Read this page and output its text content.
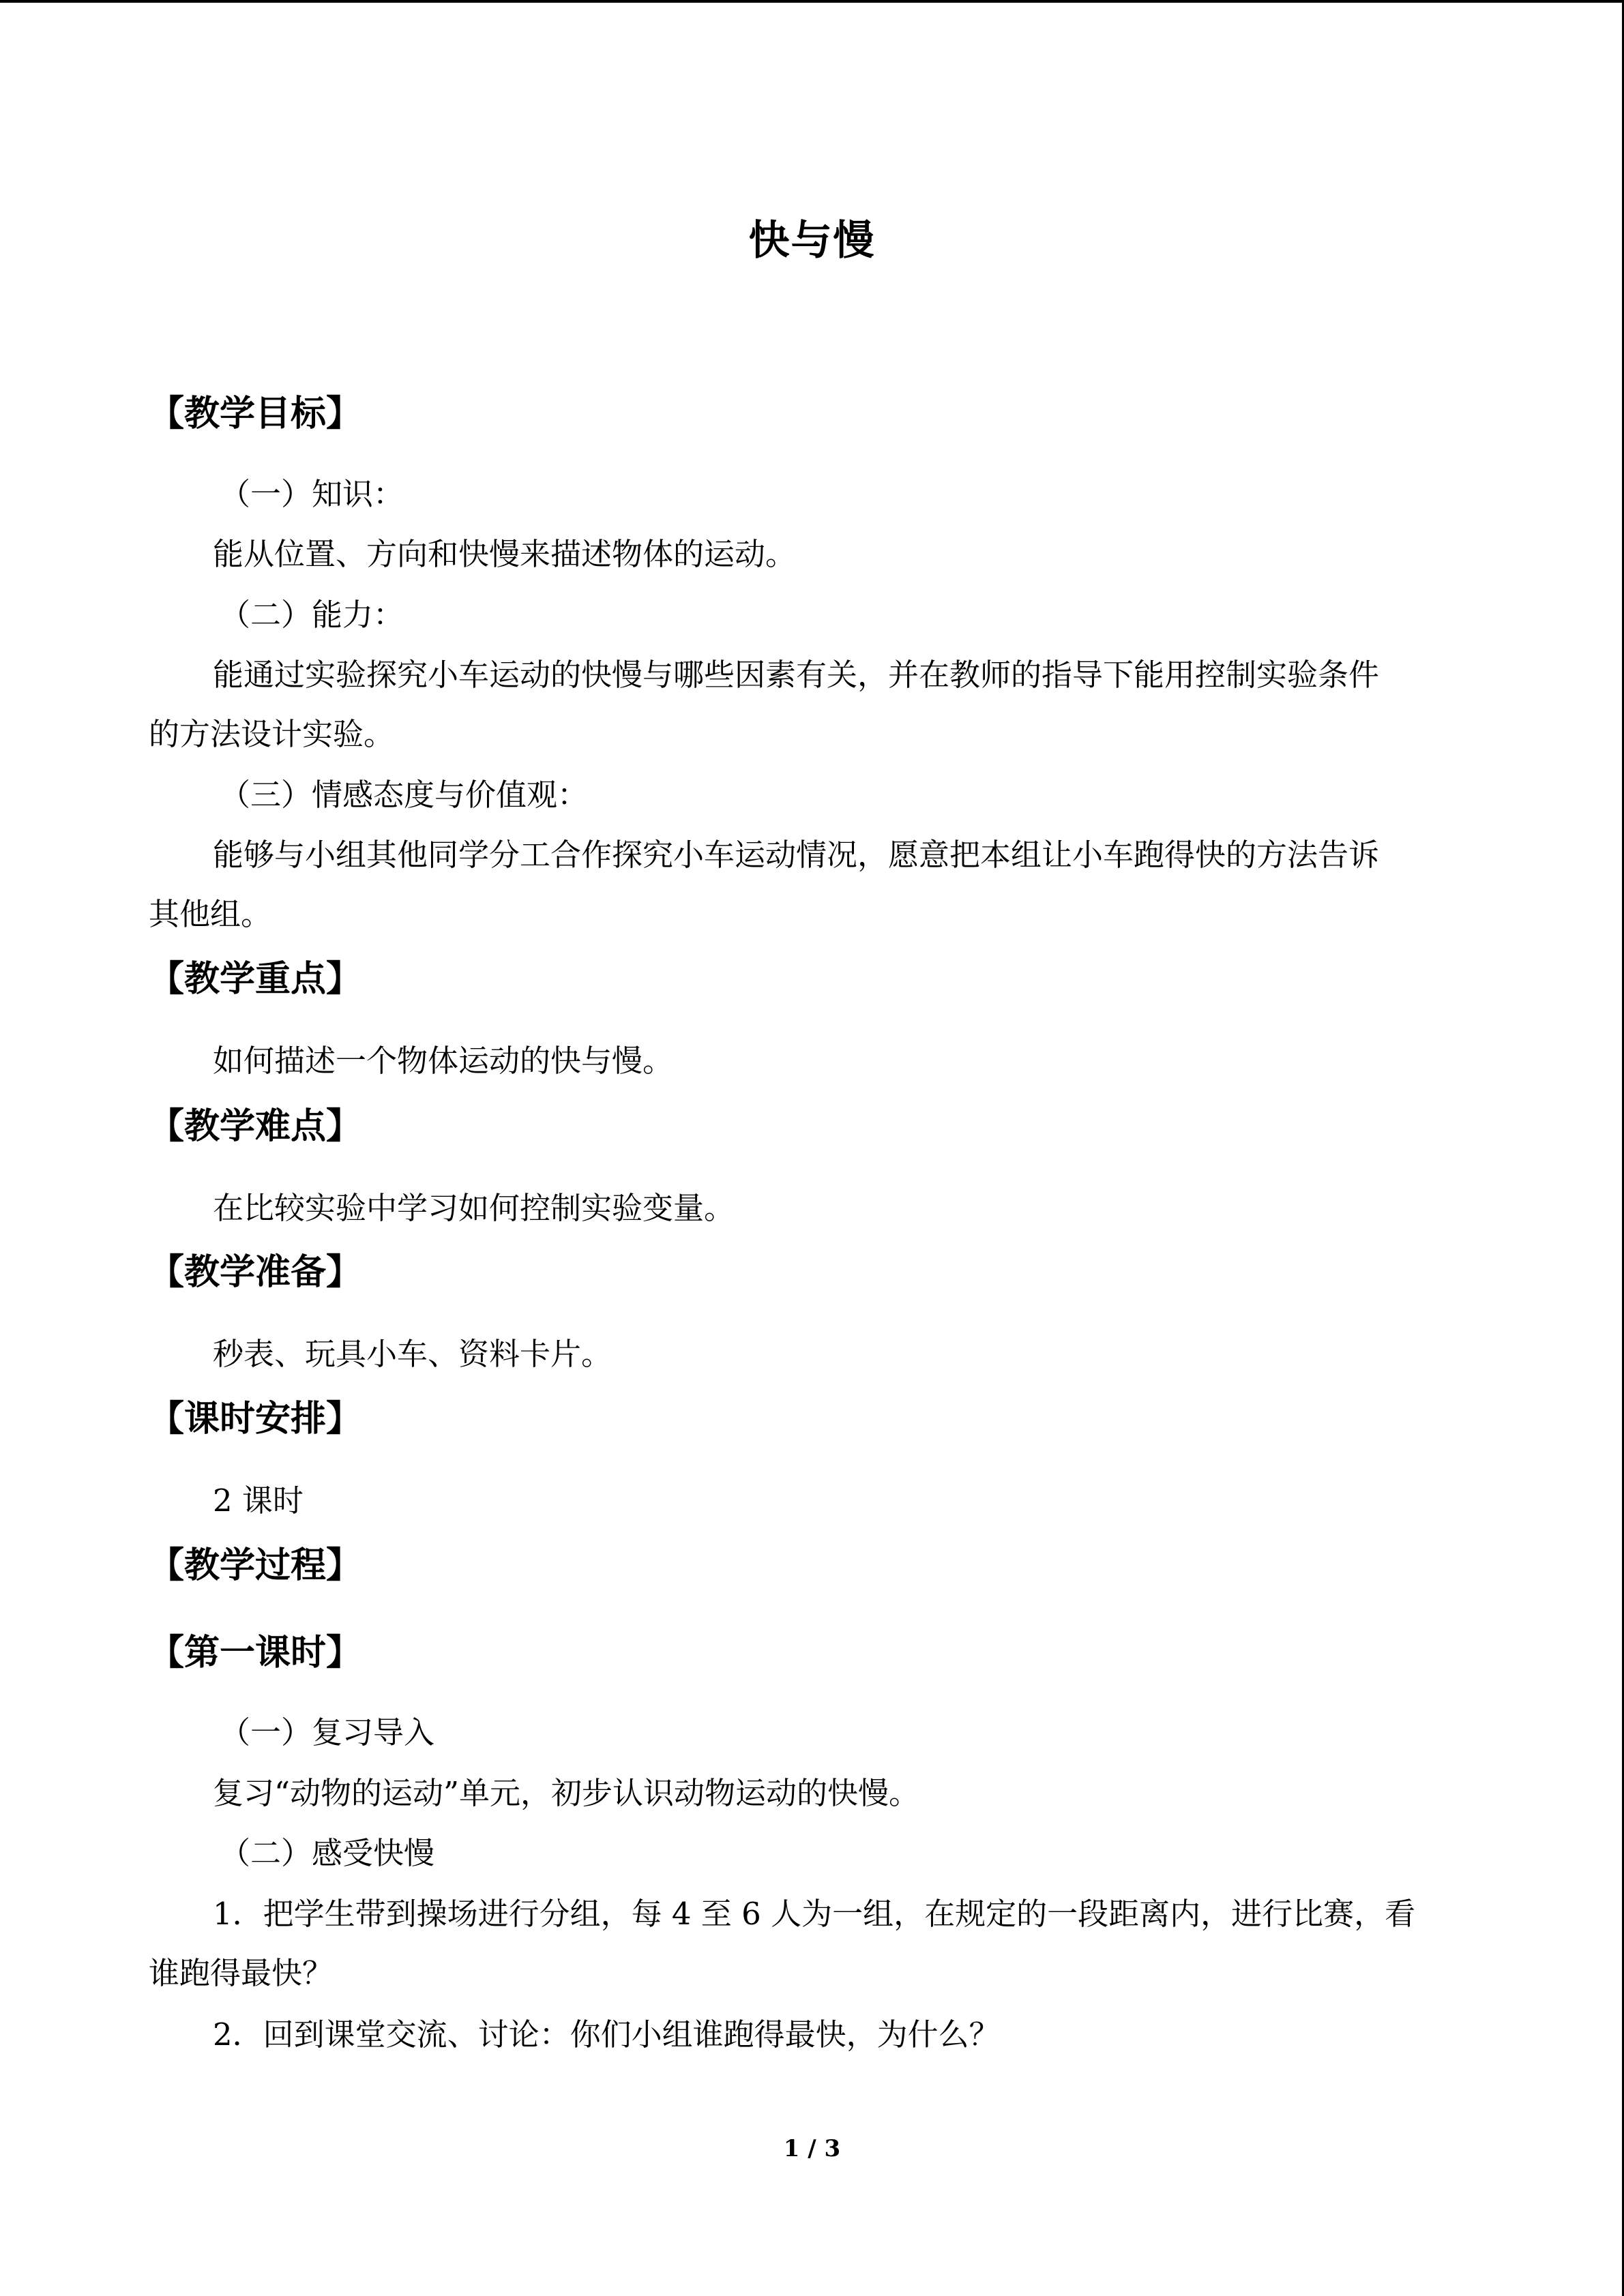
快与慢
【教学目标】
（一）知识：
能从位置、方向和快慢来描述物体的运动。
（二）能力：
能通过实验探究小车运动的快慢与哪些因素有关，并在教师的指导下能用控制实验条件
的方法设计实验。
（三）情感态度与价值观：
能够与小组其他同学分工合作探究小车运动情况，愿意把本组让小车跑得快的方法告诉
其他组。
【教学重点】
如何描述一个物体运动的快与慢。
【教学难点】
在比较实验中学习如何控制实验变量。
【教学准备】
秒表、玩具小车、资料卡片。
【课时安排】
2 课时
【教学过程】
【第一课时】
（一）复习导入
复习“动物的运动”单元，初步认识动物运动的快慢。
（二）感受快慢
1．把学生带到操场进行分组，每 4 至 6 人为一组，在规定的一段距离内，进行比赛，看
谁跑得最快？
2．回到课堂交流、讨论：你们小组谁跑得最快，为什么？
1 / 3
